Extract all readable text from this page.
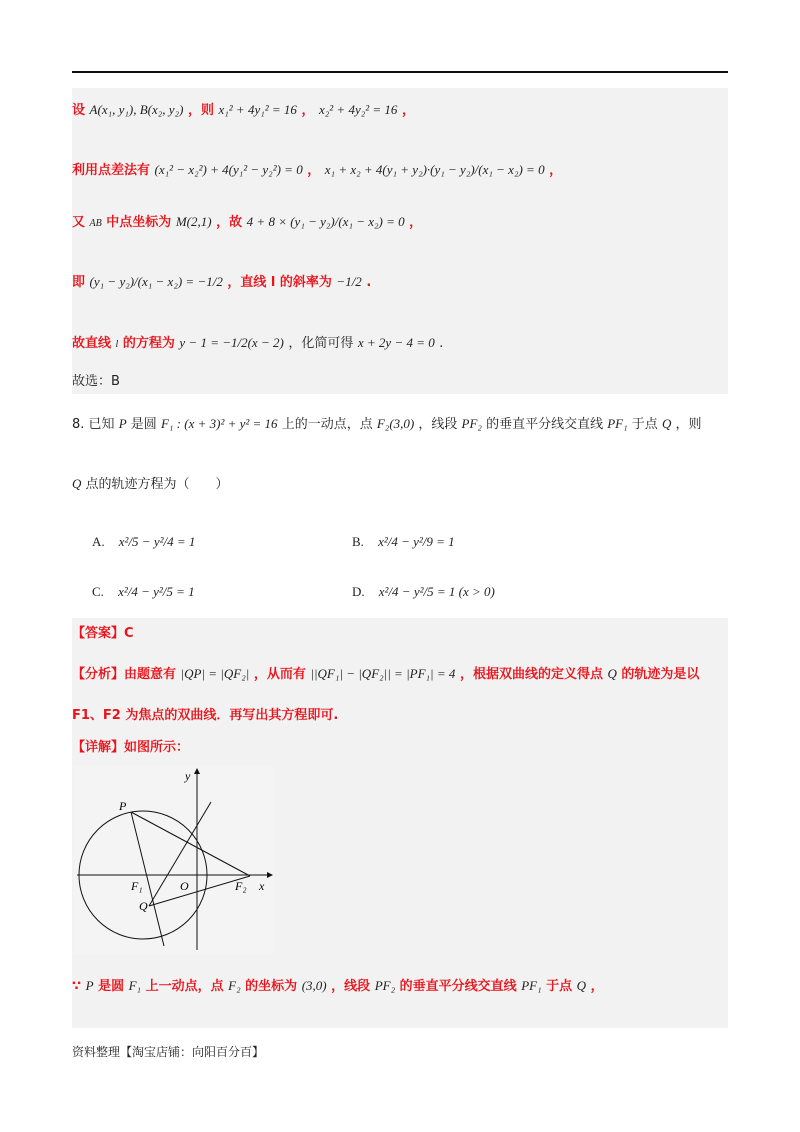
设 A(x₁, y₁), B(x₂, y₂) ，则 x₁² + 4y₁² = 16 ， x₂² + 4y₂² = 16 ，
利用点差法有 (x₁² − x₂²) + 4(y₁² − y₂²) = 0 ， x₁ + x₂ + 4(y₁ + y₂)·(y₁ − y₂)/(x₁ − x₂) = 0 ，
又 AB 中点坐标为 M(2,1) ，故 4 + 8 × (y₁ − y₂)/(x₁ − x₂) = 0 ，
即 (y₁ − y₂)/(x₁ − x₂) = −1/2 ，直线 l 的斜率为 −1/2 .
故直线 l 的方程为 y − 1 = −1/2(x − 2) ，化简可得 x + 2y − 4 = 0 .
故选：B
8. 已知 P 是圆 F₁ : (x + 3)² + y² = 16 上的一动点，点 F₂(3,0) ，线段 PF₂ 的垂直平分线交直线 PF₁ 于点 Q ，则
Q 点的轨迹方程为（　　）
A. x²/5 − y²/4 = 1	B. x²/4 − y²/9 = 1
C. x²/4 − y²/5 = 1	D. x²/4 − y²/5 = 1 (x > 0)
【答案】C
【分析】由题意有 |QP| = |QF₂| ，从而有 ||QF₁| − |QF₂|| = |PF₁| = 4 ，根据双曲线的定义得点 Q 的轨迹为是以
F1、F2 为焦点的双曲线．再写出其方程即可.
【详解】如图所示：
P
y
x
F₁	O	F₂
Q
∵ P 是圆 F₁ 上一动点，点 F₂ 的坐标为 (3,0) ，线段 PF₂ 的垂直平分线交直线 PF₁ 于点 Q ，
资料整理【淘宝店铺：向阳百分百】
